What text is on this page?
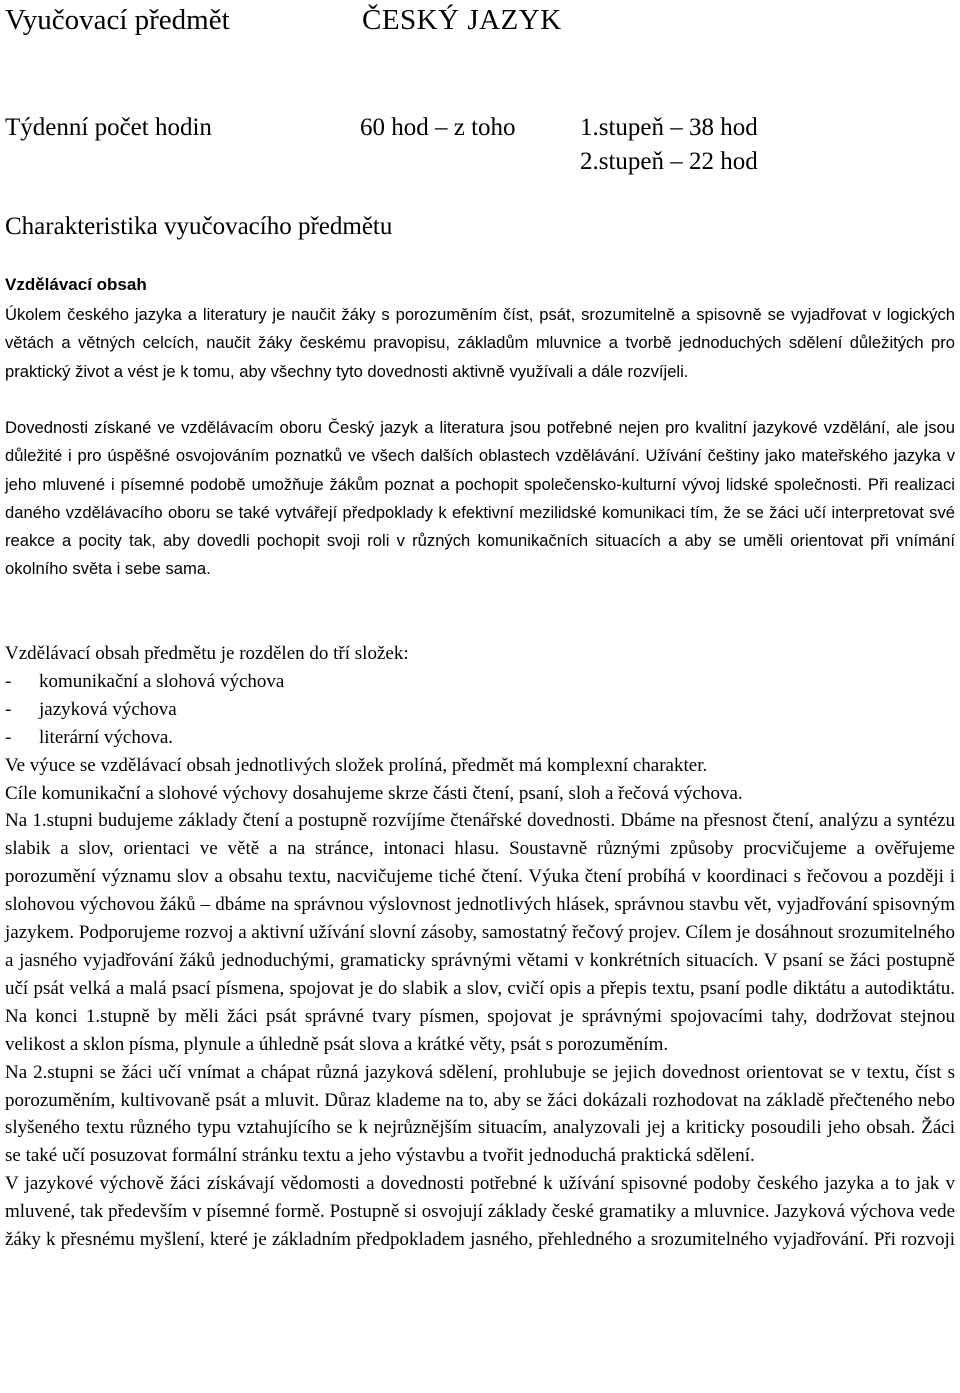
Vyučovací předmět	ČESKÝ JAZYK
Týdenní počet hodin	60 hod – z toho	1.stupeň – 38 hod
2.stupeň – 22 hod
Charakteristika vyučovacího předmětu
Vzdělávací obsah

Úkolem českého jazyka a literatury je naučit žáky s porozuměním číst, psát, srozumitelně a spisovně se vyjadřovat v logických větách a větných celcích, naučit žáky českému pravopisu, základům mluvnice a tvorbě jednoduchých sdělení důležitých pro praktický život a vést je k tomu, aby všechny tyto dovednosti aktivně využívali a dále rozvíjeli.

Dovednosti získané ve vzdělávacím oboru Český jazyk a literatura jsou potřebné nejen pro kvalitní jazykové vzdělání, ale jsou důležité i pro úspěšné osvojováním poznatků ve všech dalších oblastech vzdělávání. Užívání češtiny jako mateřského jazyka v jeho mluvené i písemné podobě umožňuje žákům poznat a pochopit společensko-kulturní vývoj lidské společnosti. Při realizaci daného vzdělávacího oboru se také vytvářejí předpoklady k efektivní mezilidské komunikaci tím, že se žáci učí interpretovat své reakce a pocity tak, aby dovedli pochopit svoji roli v různých komunikačních situacích a aby se uměli orientovat při vnímání okolního světa i sebe sama.

Vzdělávací obsah předmětu je rozdělen do tří složek:

- komunikační a slohová výchova
- jazyková výchova
- literární výchova.

Ve výuce se vzdělávací obsah jednotlivých složek prolíná, předmět má komplexní charakter.

Cíle komunikační a slohové výchovy dosahujeme skrze části čtení, psaní, sloh a řečová výchova.

Na 1.stupni budujeme základy čtení a postupně rozvíjíme čtenářské dovednosti. Dbáme na přesnost čtení, analýzu a syntézu slabik a slov, orientaci ve větě a na stránce, intonaci hlasu. Soustavně různými způsoby procvičujeme a ověřujeme porozumění významu slov a obsahu textu, nacvičujeme tiché čtení. Výuka čtení probíhá v koordinaci s řečovou a později i slohovou výchovou žáků – dbáme na správnou výslovnost jednotlivých hlásek, správnou stavbu vět, vyjadřování spisovným jazykem. Podporujeme rozvoj a aktivní užívání slovní zásoby, samostatný řečový projev. Cílem je dosáhnout srozumitelného a jasného vyjadřování žáků jednoduchými, gramaticky správnými větami v konkrétních situacích. V psaní se žáci postupně učí psát velká a malá psací písmena, spojovat je do slabik a slov, cvičí opis a přepis textu, psaní podle diktátu a autodiktátu. Na konci 1.stupně by měli žáci psát správné tvary písmen, spojovat je správnými spojovacími tahy, dodržovat stejnou velikost a sklon písma, plynule a úhledně psát slova a krátké věty, psát s porozuměním.

Na 2.stupni se žáci učí vnímat a chápat různá jazyková sdělení, prohlubuje se jejich dovednost orientovat se v textu, číst s porozuměním, kultivovaně psát a mluvit. Důraz klademe na to, aby se žáci dokázali rozhodovat na základě přečteného nebo slyšeného textu různého typu vztahujícího se k nejrůznějším situacím, analyzovali jej a kriticky posoudili jeho obsah. Žáci se také učí posuzovat formální stránku textu a jeho výstavbu a tvořit jednoduchá praktická sdělení.

V jazykové výchově žáci získávají vědomosti a dovednosti potřebné k užívání spisovné podoby českého jazyka a to jak v mluvené, tak především v písemné formě. Postupně si osvojují základy české gramatiky a mluvnice. Jazyková výchova vede žáky k přesnému myšlení, které je základním předpokladem jasného, přehledného a srozumitelného vyjadřování. Při rozvoji
